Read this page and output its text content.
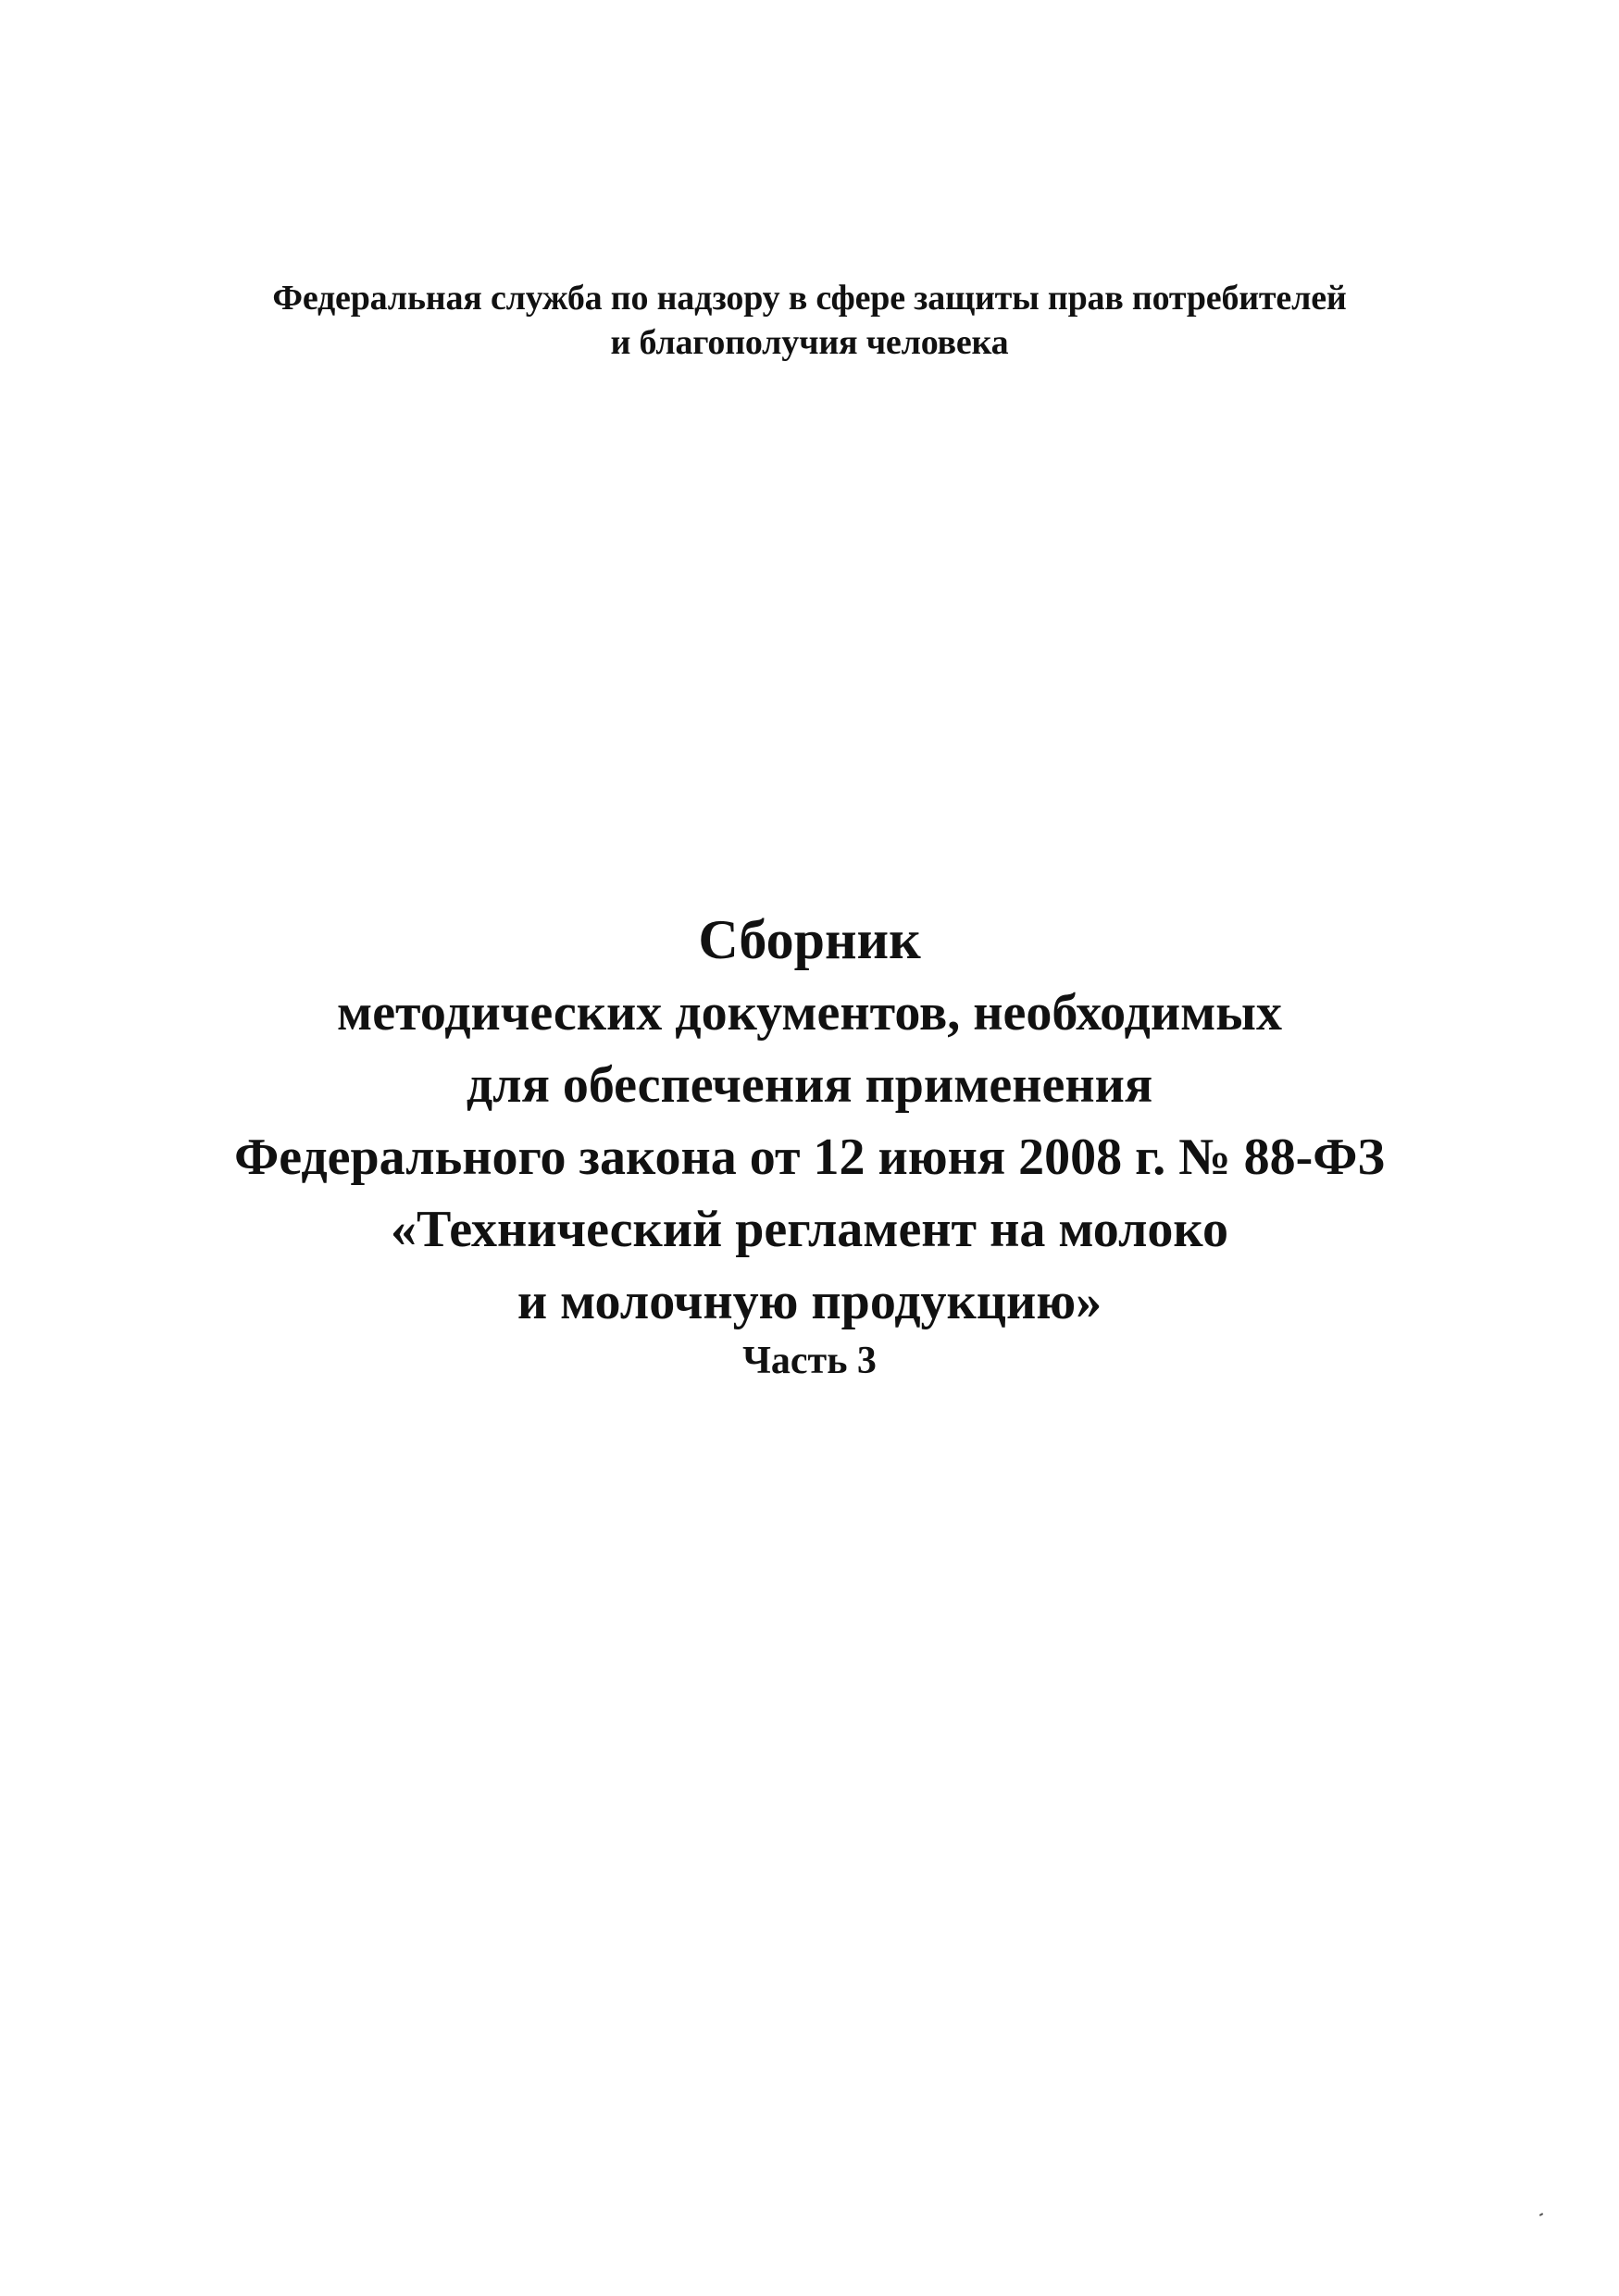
Федеральная служба по надзору в сфере защиты прав потребителей
и благополучия человека
Сборник
методических документов, необходимых
для обеспечения применения
Федерального закона от 12 июня 2008 г. № 88-ФЗ
«Технический регламент на молоко
и молочную продукцию»
Часть 3
